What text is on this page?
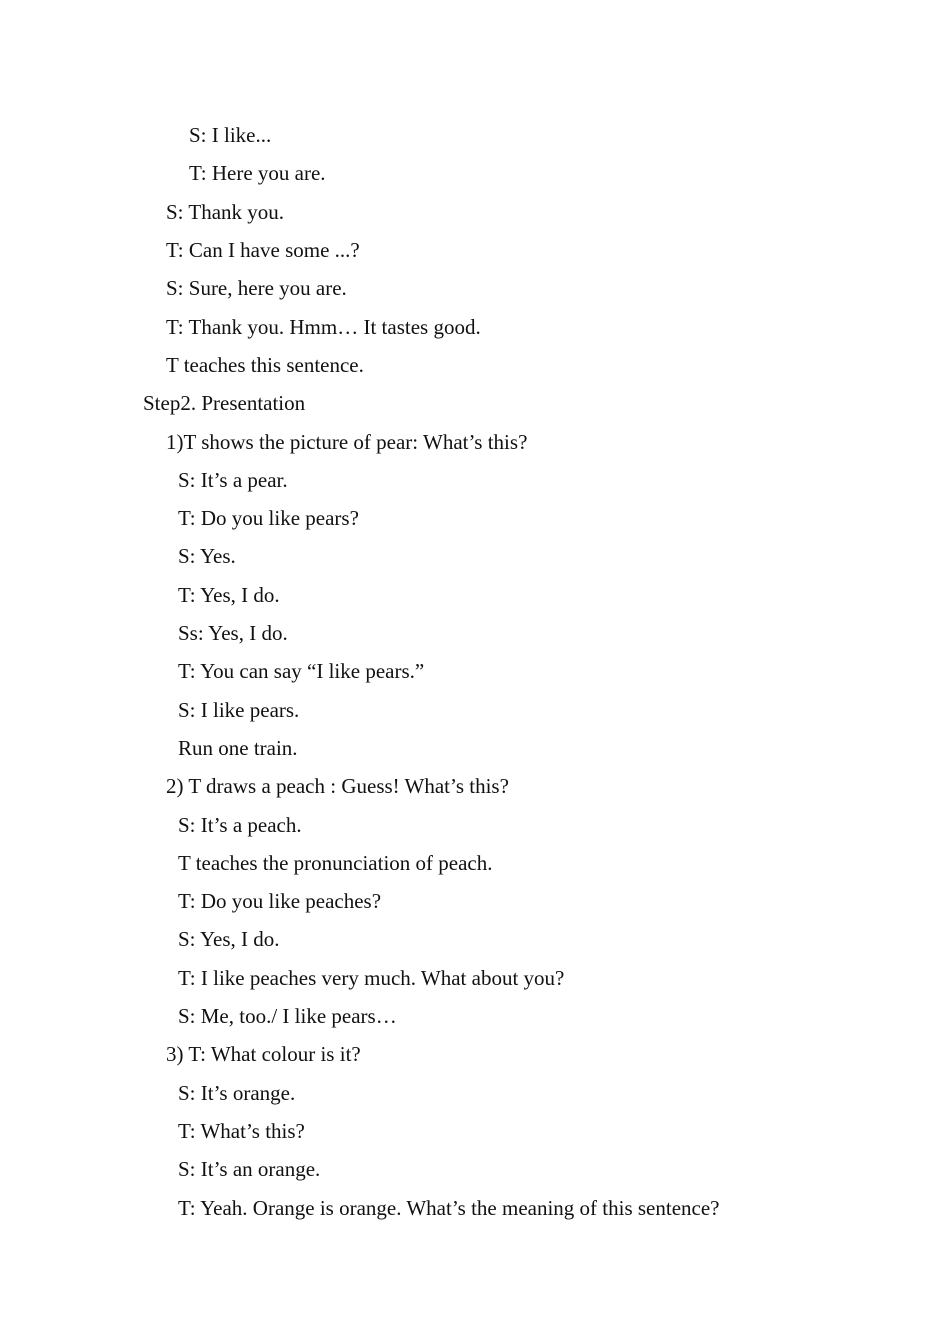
S: I like...
T: Here you are.
S: Thank you.
T: Can I have some ...?
S: Sure, here you are.
T: Thank you. Hmm… It tastes good.
T teaches this sentence.
Step2. Presentation
1)T shows the picture of pear: What’s this?
S: It’s a pear.
T: Do you like pears?
S: Yes.
T: Yes, I do.
Ss: Yes, I do.
T: You can say “I like pears.”
S: I like pears.
Run one train.
2) T draws a peach : Guess! What’s this?
S: It’s a peach.
T teaches the pronunciation of peach.
T: Do you like peaches?
S: Yes, I do.
T: I like peaches very much. What about you?
S: Me, too./ I like pears…
3) T: What colour is it?
S: It’s orange.
T: What’s this?
S: It’s an orange.
T: Yeah. Orange is orange. What’s the meaning of this sentence?
